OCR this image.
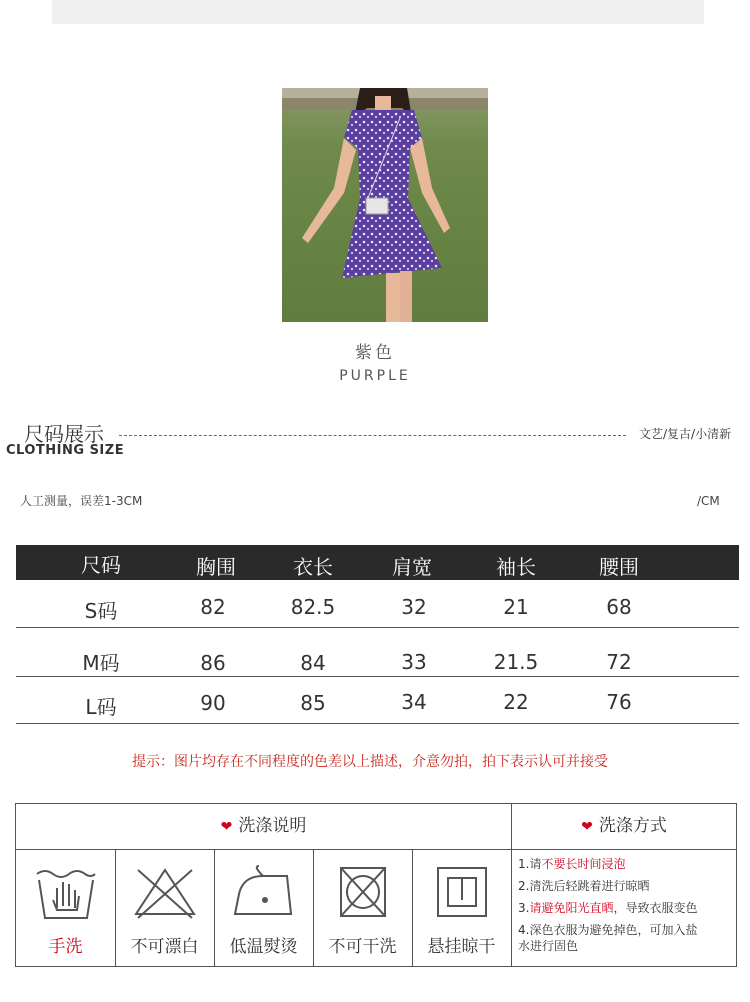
紫色
PURPLE
尺码展示
CLOTHING SIZE
文艺/复古/小清新
人工测量，误差1-3CM	/CM
尺码	胸围	衣长	肩宽	袖长	腰围
S码	82	82.5	32	21	68
M码	86	84	33	21.5	72
L码	90	85	34	22	76
提示：图片均存在不同程度的色差以上描述，介意勿拍，拍下表示认可并接受
❤ 洗涤说明	❤ 洗涤方式
手洗	不可漂白	低温熨烫	不可干洗	悬挂晾干
1.请不要长时间浸泡
2.清洗后轻跳着进行晾晒
3.请避免阳光直晒，导致衣服变色
4.深色衣服为避免掉色，可加入盐
水进行固色
